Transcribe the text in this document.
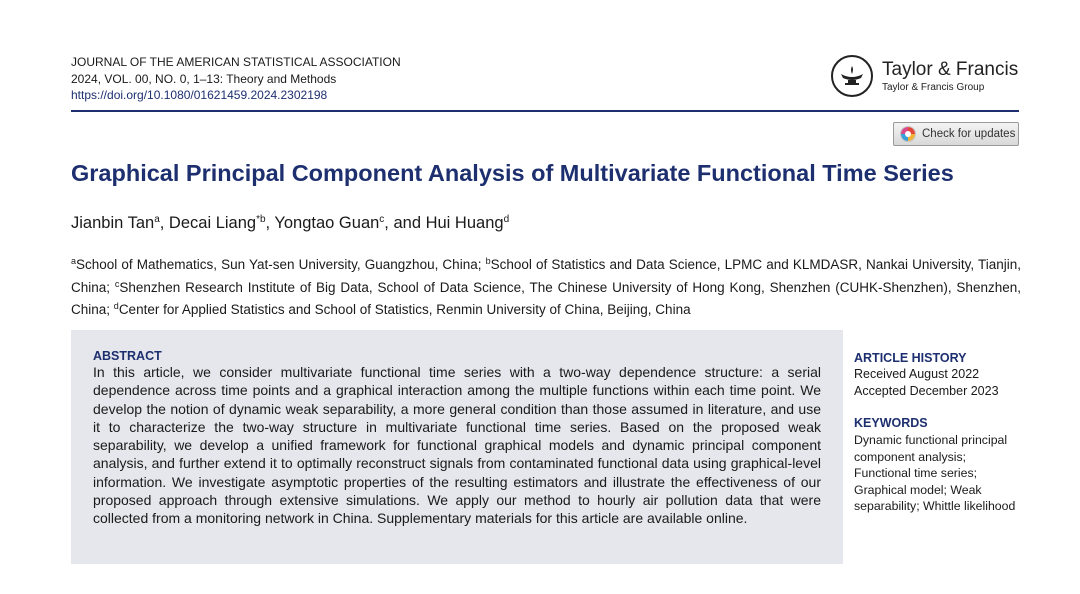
JOURNAL OF THE AMERICAN STATISTICAL ASSOCIATION
2024, VOL. 00, NO. 0, 1–13: Theory and Methods
https://doi.org/10.1080/01621459.2024.2302198
Taylor & Francis
Taylor & Francis Group
Check for updates
Graphical Principal Component Analysis of Multivariate Functional Time Series
Jianbin Tan$^a$, Decai Liang$^{*b}$, Yongtao Guan$^c$, and Hui Huang$^d$
$^a$School of Mathematics, Sun Yat-sen University, Guangzhou, China; $^b$School of Statistics and Data Science, LPMC and KLMDASR, Nankai University, Tianjin, China; $^c$Shenzhen Research Institute of Big Data, School of Data Science, The Chinese University of Hong Kong, Shenzhen (CUHK-Shenzhen), Shenzhen, China; $^d$Center for Applied Statistics and School of Statistics, Renmin University of China, Beijing, China
ABSTRACT
In this article, we consider multivariate functional time series with a two-way dependence structure: a serial dependence across time points and a graphical interaction among the multiple functions within each time point. We develop the notion of dynamic weak separability, a more general condition than those assumed in literature, and use it to characterize the two-way structure in multivariate functional time series. Based on the proposed weak separability, we develop a unified framework for functional graphical models and dynamic principal component analysis, and further extend it to optimally reconstruct signals from contaminated functional data using graphical-level information. We investigate asymptotic properties of the resulting estimators and illustrate the effectiveness of our proposed approach through extensive simulations. We apply our method to hourly air pollution data that were collected from a monitoring network in China. Supplementary materials for this article are available online.
ARTICLE HISTORY
Received August 2022
Accepted December 2023
KEYWORDS
Dynamic functional principal component analysis; Functional time series; Graphical model; Weak separability; Whittle likelihood
